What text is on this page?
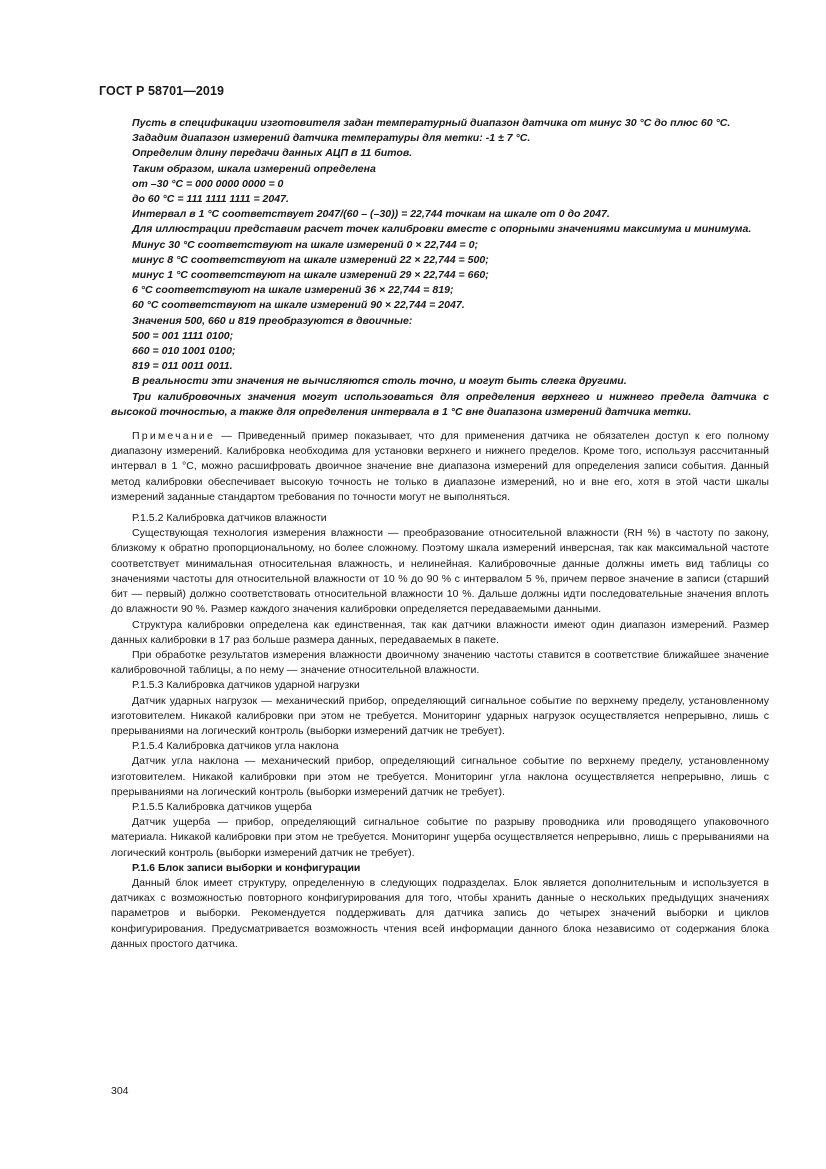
ГОСТ Р 58701—2019

Пусть в спецификации изготовителя задан температурный диапазон датчика от минус 30 °С до плюс 60 °С.

Зададим диапазон измерений датчика температуры для метки: -1 ± 7 °С.

Определим длину передачи данных АЦП в 11 битов.

Таким образом, шкала измерений определена

от –30 °С = 000 0000 0000 = 0

до 60 °С = 111 1111 1111 = 2047.

Интервал в 1 °С соответствует 2047/(60 – (–30)) = 22,744 точкам на шкале от 0 до 2047.

Для иллюстрации представим расчет точек калибровки вместе с опорными значениями максимума и минимума.

Минус 30 °С соответствуют на шкале измерений 0 × 22,744 = 0;

минус 8 °С соответствуют на шкале измерений 22 × 22,744 = 500;

минус 1 °С соответствуют на шкале измерений 29 × 22,744 = 660;

6 °С соответствуют на шкале измерений 36 × 22,744 = 819;

60 °С соответствуют на шкале измерений 90 × 22,744 = 2047.

Значения 500, 660 и 819 преобразуются в двоичные:

500 = 001 1111 0100;

660 = 010 1001 0100;

819 = 011 0011 0011.

В реальности эти значения не вычисляются столь точно, и могут быть слегка другими.

Три калибровочных значения могут использоваться для определения верхнего и нижнего предела датчика с высокой точностью, а также для определения интервала в 1 °С вне диапазона измерений датчика метки.

Примечание — Приведенный пример показывает, что для применения датчика не обязателен доступ к его полному диапазону измерений. Калибровка необходима для установки верхнего и нижнего пределов. Кроме того, используя рассчитанный интервал в 1 °С, можно расшифровать двоичное значение вне диапазона измерений для определения записи события. Данный метод калибровки обеспечивает высокую точность не только в диапазоне измерений, но и вне его, хотя в этой части шкалы измерений заданные стандартом требования по точности могут не выполняться.

Р.1.5.2 Калибровка датчиков влажности

Существующая технология измерения влажности — преобразование относительной влажности (RH %) в частоту по закону, близкому к обратно пропорциональному, но более сложному. Поэтому шкала измерений инверсная, так как максимальной частоте соответствует минимальная относительная влажность, и нелинейная. Калибровочные данные должны иметь вид таблицы со значениями частоты для относительной влажности от 10 % до 90 % с интервалом 5 %, причем первое значение в записи (старший бит — первый) должно соответствовать относительной влажности 10 %. Дальше должны идти последовательные значения вплоть до влажности 90 %. Размер каждого значения калибровки определяется передаваемыми данными.

Структура калибровки определена как единственная, так как датчики влажности имеют один диапазон измерений. Размер данных калибровки в 17 раз больше размера данных, передаваемых в пакете.

При обработке результатов измерения влажности двоичному значению частоты ставится в соответствие ближайшее значение калибровочной таблицы, а по нему — значение относительной влажности.

Р.1.5.3 Калибровка датчиков ударной нагрузки

Датчик ударных нагрузок — механический прибор, определяющий сигнальное событие по верхнему пределу, установленному изготовителем. Никакой калибровки при этом не требуется. Мониторинг ударных нагрузок осуществляется непрерывно, лишь с прерываниями на логический контроль (выборки измерений датчик не требует).

Р.1.5.4 Калибровка датчиков угла наклона

Датчик угла наклона — механический прибор, определяющий сигнальное событие по верхнему пределу, установленному изготовителем. Никакой калибровки при этом не требуется. Мониторинг угла наклона осуществляется непрерывно, лишь с прерываниями на логический контроль (выборки измерений датчик не требует).

Р.1.5.5 Калибровка датчиков ущерба

Датчик ущерба — прибор, определяющий сигнальное событие по разрыву проводника или проводящего упаковочного материала. Никакой калибровки при этом не требуется. Мониторинг ущерба осуществляется непрерывно, лишь с прерываниями на логический контроль (выборки измерений датчик не требует).

Р.1.6 Блок записи выборки и конфигурации

Данный блок имеет структуру, определенную в следующих подразделах. Блок является дополнительным и используется в датчиках с возможностью повторного конфигурирования для того, чтобы хранить данные о нескольких предыдущих значениях параметров и выборки. Рекомендуется поддерживать для датчика запись до четырех значений выборки и циклов конфигурирования. Предусматривается возможность чтения всей информации данного блока независимо от содержания блока данных простого датчика.

304
